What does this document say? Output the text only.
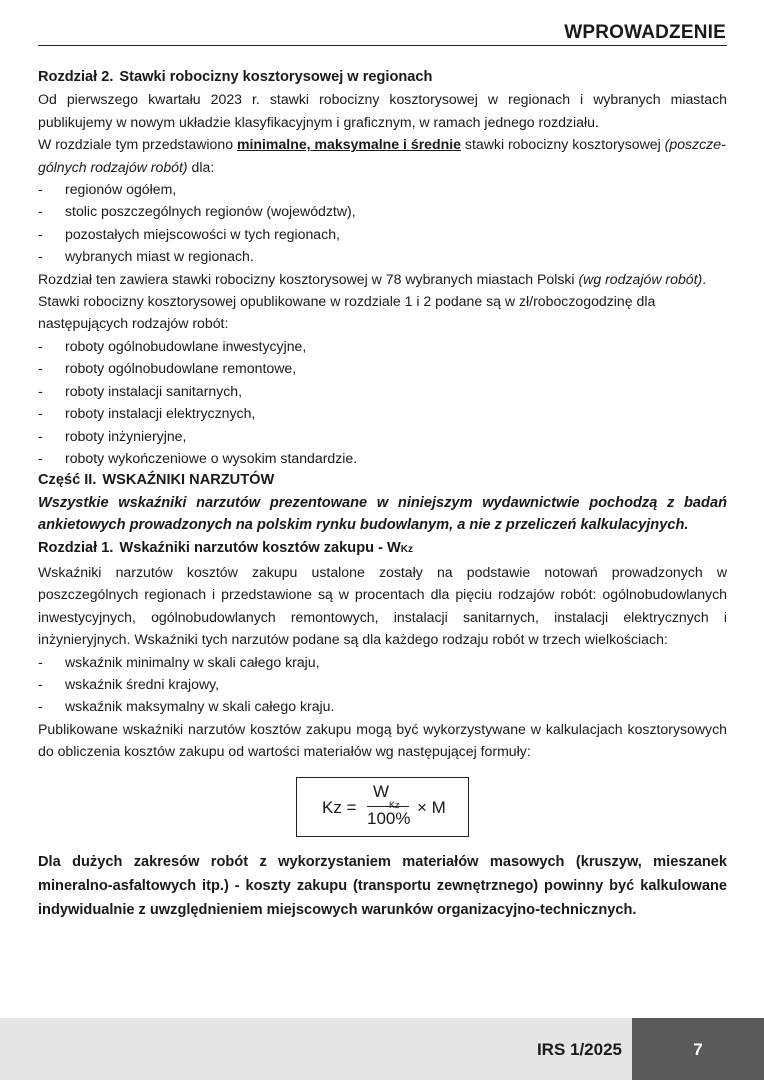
WPROWADZENIE

Rozdział 2. Stawki robocizny kosztorysowej w regionach

Od pierwszego kwartału 2023 r. stawki robocizny kosztorysowej w regionach i wybranych miastach publikujemy w nowym układzie klasyfikacyjnym i graficznym, w ramach jednego rozdziału.

W rozdziale tym przedstawiono minimalne, maksymalne i średnie stawki robocizny kosztorysowej (poszczególnych rodzajów robót) dla:

- regionów ogółem,
- stolic poszczególnych regionów (województw),
- pozostałych miejscowości w tych regionach,
- wybranych miast w regionach.

Rozdział ten zawiera stawki robocizny kosztorysowej w 78 wybranych miastach Polski (wg rodzajów robót).

Stawki robocizny kosztorysowej opublikowane w rozdziale 1 i 2 podane są w zł/roboczogodzinę dla następujących rodzajów robót:

- roboty ogólnobudowlane inwestycyjne,
- roboty ogólnobudowlane remontowe,
- roboty instalacji sanitarnych,
- roboty instalacji elektrycznych,
- roboty inżynieryjne,
- roboty wykończeniowe o wysokim standardzie.

Część II. WSKAŹNIKI NARZUTÓW

Wszystkie wskaźniki narzutów prezentowane w niniejszym wydawnictwie pochodzą z badań ankietowych prowadzonych na polskim rynku budowlanym, a nie z przeliczeń kalkulacyjnych.

Rozdział 1. Wskaźniki narzutów kosztów zakupu - WKz

Wskaźniki narzutów kosztów zakupu ustalone zostały na podstawie notowań prowadzonych w poszczególnych regionach i przedstawione są w procentach dla pięciu rodzajów robót: ogólnobudowlanych inwestycyjnych, ogólnobudowlanych remontowych, instalacji sanitarnych, instalacji elektrycznych i inżynieryjnych. Wskaźniki tych narzutów podane są dla każdego rodzaju robót w trzech wielkościach:

- wskaźnik minimalny w skali całego kraju,
- wskaźnik średni krajowy,
- wskaźnik maksymalny w skali całego kraju.

Publikowane wskaźniki narzutów kosztów zakupu mogą być wykorzystywane w kalkulacjach kosztorysowych do obliczenia kosztów zakupu od wartości materiałów wg następującej formuły:

Kz =
W
Kz
100%
× M

Dla dużych zakresów robót z wykorzystaniem materiałów masowych (kruszyw, mieszanek mineralno-asfaltowych itp.) - koszty zakupu (transportu zewnętrznego) powinny być kalkulowane indywidualnie z uwzględnieniem miejscowych warunków organizacyjno-technicznych.

IRS 1/2025	7
